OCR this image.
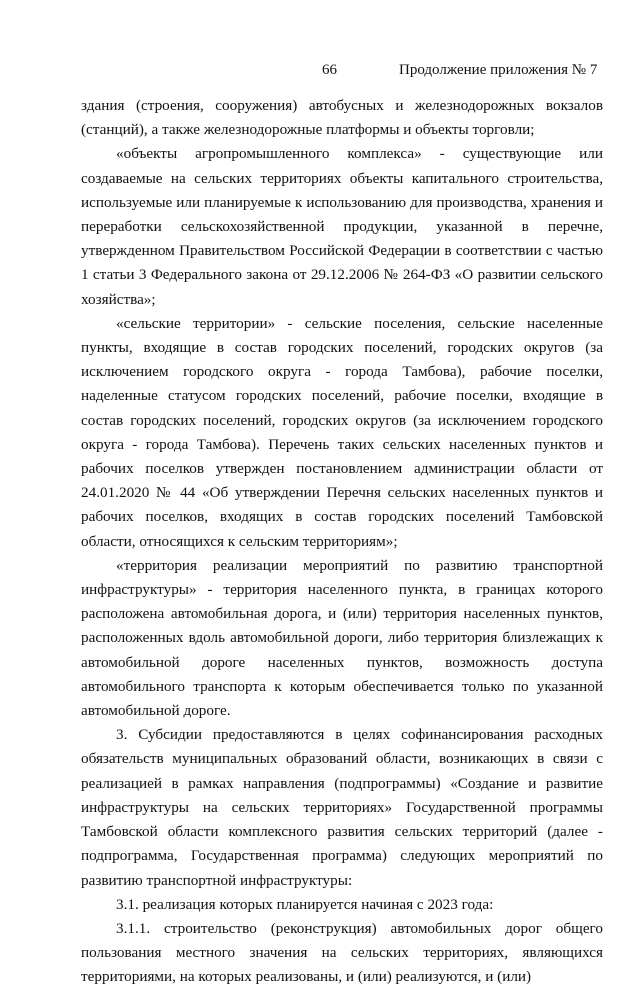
66	Продолжение приложения № 7

здания (строения, сооружения) автобусных и железнодорожных вокзалов (станций), а также железнодорожные платформы и объекты торговли;

«объекты агропромышленного комплекса» - существующие или создаваемые на сельских территориях объекты капитального строительства, используемые или планируемые к использованию для производства, хранения и переработки сельскохозяйственной продукции, указанной в перечне, утвержденном Правительством Российской Федерации в соответствии с частью 1 статьи 3 Федерального закона от 29.12.2006 № 264-ФЗ «О развитии сельского хозяйства»;

«сельские территории» - сельские поселения, сельские населенные пункты, входящие в состав городских поселений, городских округов (за исключением городского округа - города Тамбова), рабочие поселки, наделенные статусом городских поселений, рабочие поселки, входящие в состав городских поселений, городских округов (за исключением городского округа - города Тамбова). Перечень таких сельских населенных пунктов и рабочих поселков утвержден постановлением администрации области от 24.01.2020 № 44 «Об утверждении Перечня сельских населенных пунктов и рабочих поселков, входящих в состав городских поселений Тамбовской области, относящихся к сельским территориям»;

«территория реализации мероприятий по развитию транспортной инфраструктуры» - территория населенного пункта, в границах которого расположена автомобильная дорога, и (или) территория населенных пунктов, расположенных вдоль автомобильной дороги, либо территория близлежащих к автомобильной дороге населенных пунктов, возможность доступа автомобильного транспорта к которым обеспечивается только по указанной автомобильной дороге.

3. Субсидии предоставляются в целях софинансирования расходных обязательств муниципальных образований области, возникающих в связи с реализацией в рамках направления (подпрограммы) «Создание и развитие инфраструктуры на сельских территориях» Государственной программы Тамбовской области комплексного развития сельских территорий (далее - подпрограмма, Государственная программа) следующих мероприятий по развитию транспортной инфраструктуры:

3.1. реализация которых планируется начиная с 2023 года:

3.1.1. строительство (реконструкция) автомобильных дорог общего пользования местного значения на сельских территориях, являющихся территориями, на которых реализованы, и (или) реализуются, и (или)
